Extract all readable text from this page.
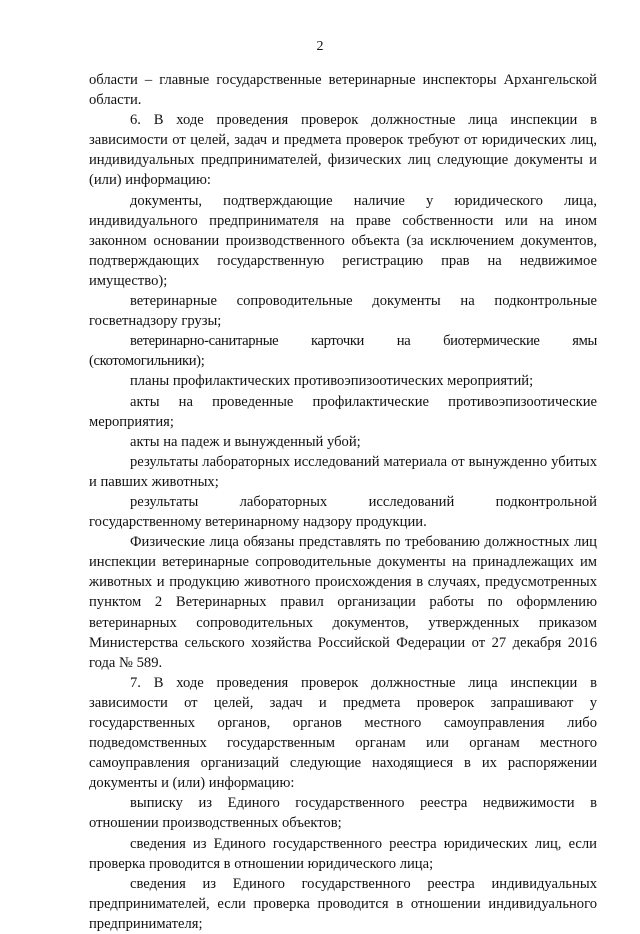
2

области – главные государственные ветеринарные инспекторы Архангельской области.

6. В ходе проведения проверок должностные лица инспекции в зависимости от целей, задач и предмета проверок требуют от юридических лиц, индивидуальных предпринимателей, физических лиц следующие документы и (или) информацию:

документы, подтверждающие наличие у юридического лица, индивидуального предпринимателя на праве собственности или на ином законном основании производственного объекта (за исключением документов, подтверждающих государственную регистрацию прав на недвижимое имущество);

ветеринарные сопроводительные документы на подконтрольные госветнадзору грузы;

ветеринарно-санитарные карточки на биотермические ямы (скотомогильники);

планы профилактических противоэпизоотических мероприятий;

акты на проведенные профилактические противоэпизоотические мероприятия;

акты на падеж и вынужденный убой;

результаты лабораторных исследований материала от вынужденно убитых и павших животных;

результаты лабораторных исследований подконтрольной государственному ветеринарному надзору продукции.

Физические лица обязаны представлять по требованию должностных лиц инспекции ветеринарные сопроводительные документы на принадлежащих им животных и продукцию животного происхождения в случаях, предусмотренных пунктом 2 Ветеринарных правил организации работы по оформлению ветеринарных сопроводительных документов, утвержденных приказом Министерства сельского хозяйства Российской Федерации от 27 декабря 2016 года № 589.

7. В ходе проведения проверок должностные лица инспекции в зависимости от целей, задач и предмета проверок запрашивают у государственных органов, органов местного самоуправления либо подведомственных государственным органам или органам местного самоуправления организаций следующие находящиеся в их распоряжении документы и (или) информацию:

выписку из Единого государственного реестра недвижимости в отношении производственных объектов;

сведения из Единого государственного реестра юридических лиц, если проверка проводится в отношении юридического лица;

сведения из Единого государственного реестра индивидуальных предпринимателей, если проверка проводится в отношении индивидуального предпринимателя;
